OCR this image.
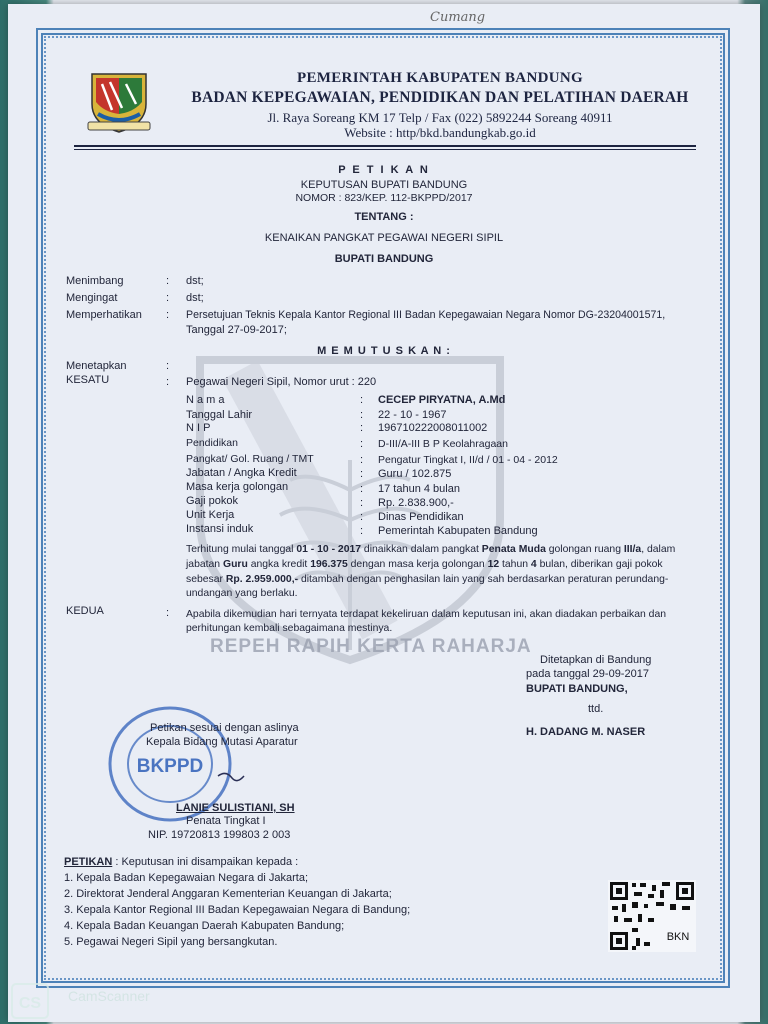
Cumang
PEMERINTAH KABUPATEN BANDUNG
BADAN KEPEGAWAIAN, PENDIDIKAN DAN PELATIHAN DAERAH
Jl. Raya Soreang KM 17 Telp / Fax (022) 5892244 Soreang 40911
Website : http/bkd.bandungkab.go.id
REPEH RAPIH KERTA RAHARJA
P E T I K A N
KEPUTUSAN BUPATI BANDUNG
NOMOR : 823/KEP. 112-BKPPD/2017
TENTANG :
KENAIKAN PANGKAT PEGAWAI NEGERI SIPIL
BUPATI BANDUNG
Menimbang	: dst;
Mengingat	: dst;
Memperhatikan : Persetujuan Teknis Kepala Kantor Regional III Badan Kepegawaian Negara Nomor DG-23204001571,
Tanggal 27-09-2017;
M E M U T U S K A N :
Menetapkan	:
KESATU	: Pegawai Negeri Sipil, Nomor urut : 220
N a m a	: CECEP PIRYATNA, A.Md
Tanggal Lahir	: 22 - 10 - 1967
N I P	: 196710222008011002
Pendidikan	: D-III/A-III B P Keolahragaan
Pangkat/ Gol. Ruang / TMT	: Pengatur Tingkat I, II/d / 01 - 04 - 2012
Jabatan / Angka Kredit	: Guru / 102.875
Masa kerja golongan	: 17 tahun 4 bulan
Gaji pokok	: Rp. 2.838.900,-
Unit Kerja	: Dinas Pendidikan
Instansi induk	: Pemerintah Kabupaten Bandung
Terhitung mulai tanggal 01 - 10 - 2017 dinaikkan dalam pangkat Penata Muda golongan ruang III/a, dalam
jabatan Guru angka kredit 196.375 dengan masa kerja golongan 12 tahun 4 bulan, diberikan gaji pokok
sebesar Rp. 2.959.000,- ditambah dengan penghasilan lain yang sah berdasarkan peraturan perundang-
undangan yang berlaku.
KEDUA	: Apabila dikemudian hari ternyata terdapat kekeliruan dalam keputusan ini, akan diadakan perbaikan dan
perhitungan kembali sebagaimana mestinya.
Ditetapkan di Bandung
pada tanggal 29-09-2017
BUPATI BANDUNG,
ttd.
H. DADANG M. NASER
BKPPD
Petikan sesuai dengan aslinya
Kepala Bidang Mutasi Aparatur
LANIE SULISTIANI, SH
Penata Tingkat I
NIP. 19720813 199803 2 003
PETIKAN : Keputusan ini disampaikan kepada :
1. Kepala Badan Kepegawaian Negara di Jakarta;
2. Direktorat Jenderal Anggaran Kementerian Keuangan di Jakarta;
3. Kepala Kantor Regional III Badan Kepegawaian Negara di Bandung;
4. Kepala Badan Keuangan Daerah Kabupaten Bandung;
5. Pegawai Negeri Sipil yang bersangkutan.	BKN
CS CamScanner
